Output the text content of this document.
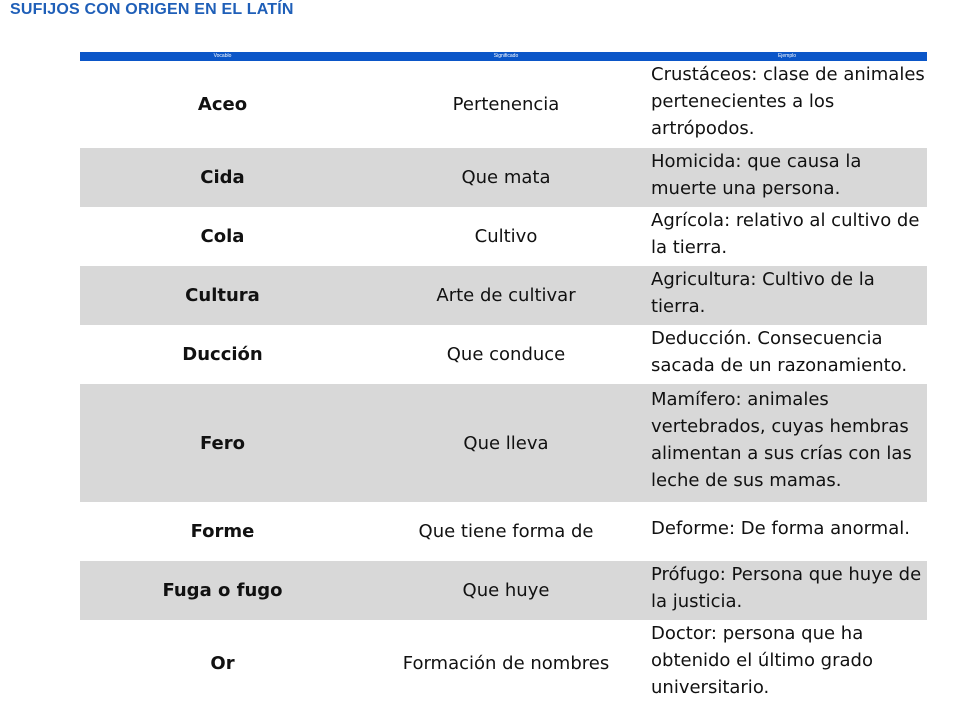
SUFIJOS CON ORIGEN EN EL LATÍN
Vocablo	Significado	Ejemplo
Aceo	Pertenencia	Crustáceos: clase de animales pertenecientes a los artrópodos.

Cida	Que mata	Homicida: que causa la muerte una persona.

Cola	Cultivo	Agrícola: relativo al cultivo de la tierra.

Cultura	Arte de cultivar	Agricultura: Cultivo de la tierra.

Ducción	Que conduce	Deducción. Consecuencia sacada de un razonamiento.

Fero	Que lleva	Mamífero: animales vertebrados, cuyas hembras alimentan a sus crías con las leche de sus mamas.

Forme	Que tiene forma de	Deforme: De forma anormal.

Fuga o fugo	Que huye	Prófugo: Persona que huye de la justicia.

Or	Formación de nombres	Doctor: persona que ha obtenido el último grado universitario.
